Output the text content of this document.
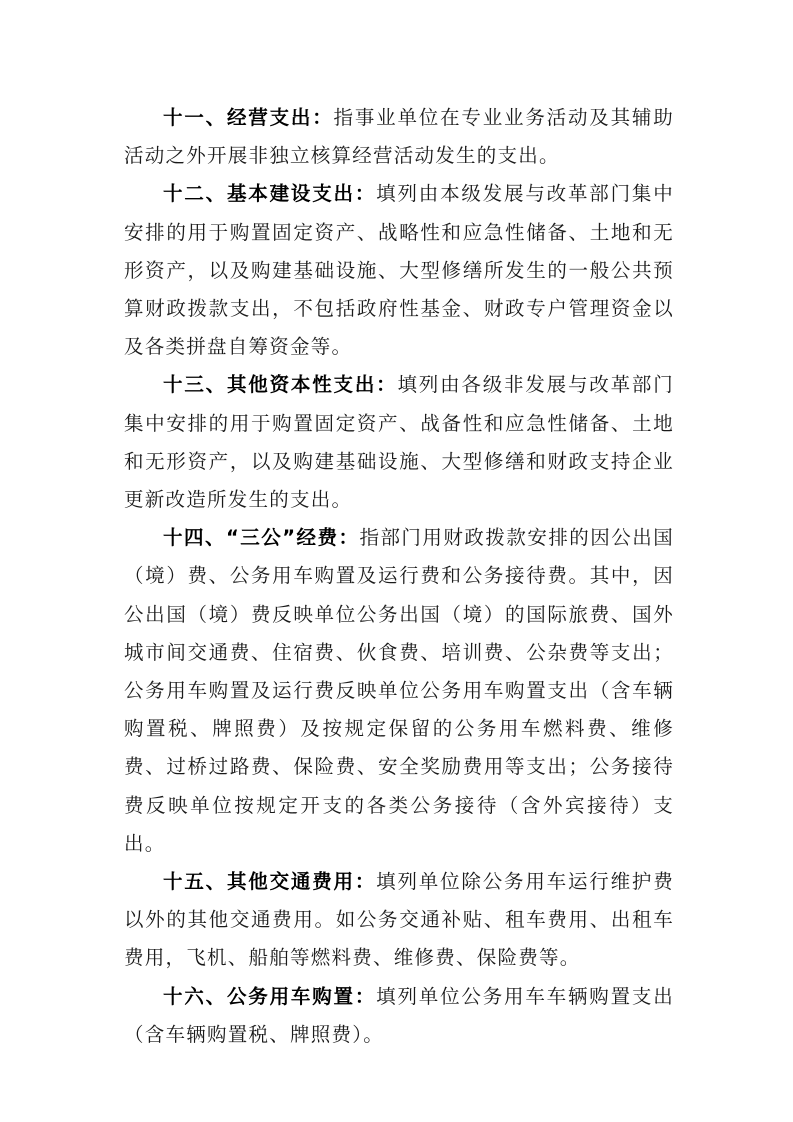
十一、经营支出：指事业单位在专业业务活动及其辅助活动之外开展非独立核算经营活动发生的支出。

十二、基本建设支出：填列由本级发展与改革部门集中安排的用于购置固定资产、战略性和应急性储备、土地和无形资产，以及购建基础设施、大型修缮所发生的一般公共预算财政拨款支出，不包括政府性基金、财政专户管理资金以及各类拼盘自筹资金等。

十三、其他资本性支出：填列由各级非发展与改革部门集中安排的用于购置固定资产、战备性和应急性储备、土地和无形资产，以及购建基础设施、大型修缮和财政支持企业更新改造所发生的支出。

十四、“三公”经费：指部门用财政拨款安排的因公出国（境）费、公务用车购置及运行费和公务接待费。其中，因公出国（境）费反映单位公务出国（境）的国际旅费、国外城市间交通费、住宿费、伙食费、培训费、公杂费等支出；公务用车购置及运行费反映单位公务用车购置支出（含车辆购置税、牌照费）及按规定保留的公务用车燃料费、维修费、过桥过路费、保险费、安全奖励费用等支出；公务接待费反映单位按规定开支的各类公务接待（含外宾接待）支出。

十五、其他交通费用：填列单位除公务用车运行维护费以外的其他交通费用。如公务交通补贴、租车费用、出租车费用，飞机、船舶等燃料费、维修费、保险费等。

十六、公务用车购置：填列单位公务用车车辆购置支出（含车辆购置税、牌照费）。
